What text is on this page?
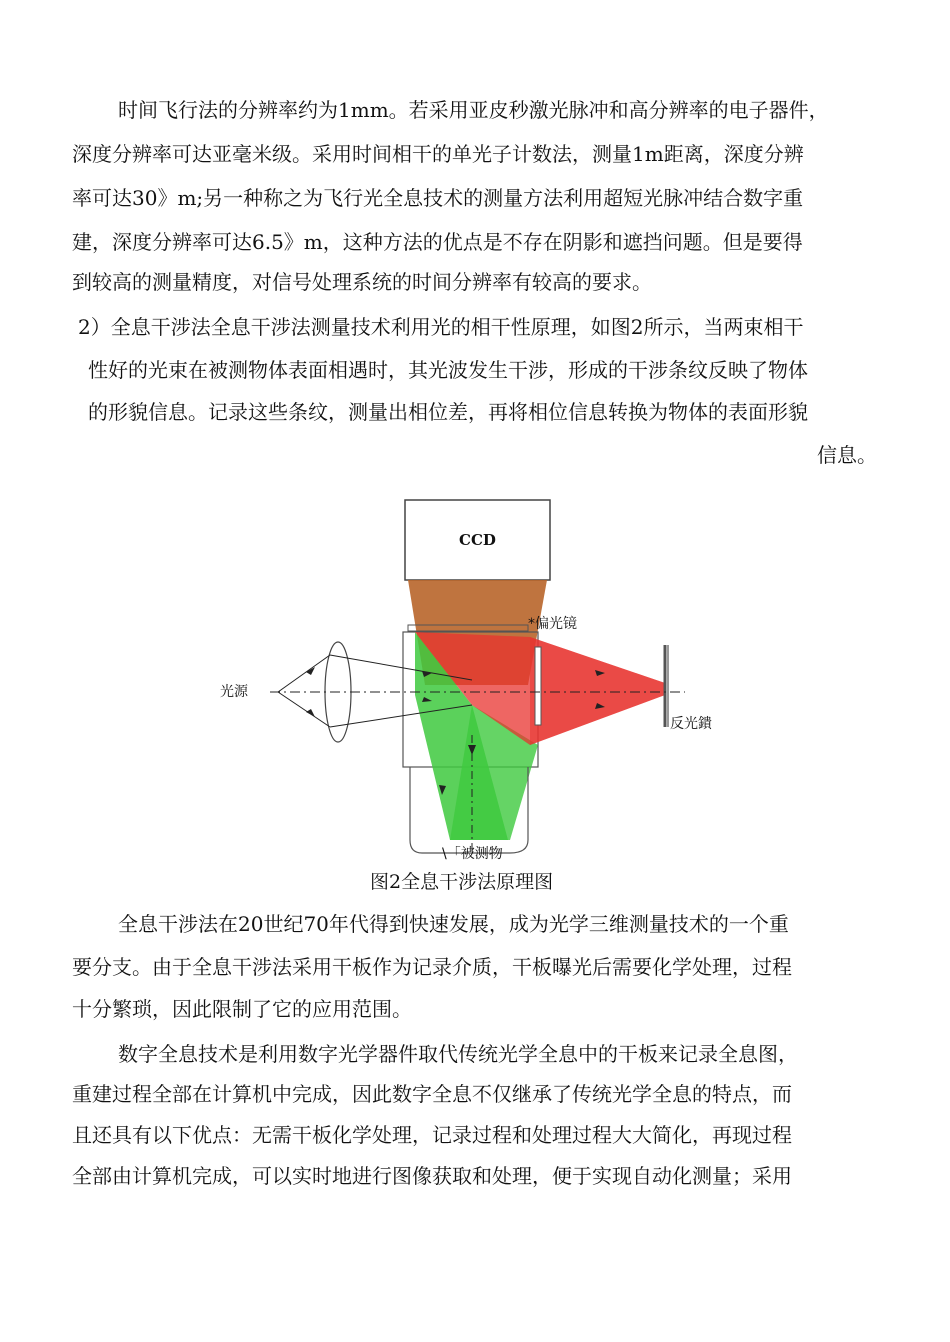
时间飞行法的分辨率约为1mm。若采用亚皮秒激光脉冲和高分辨率的电子器件，
深度分辨率可达亚毫米级。采用时间相干的单光子计数法，测量1m距离，深度分辨
率可达30》m;另一种称之为飞行光全息技术的测量方法利用超短光脉冲结合数字重
建，深度分辨率可达6.5》m，这种方法的优点是不存在阴影和遮挡问题。但是要得
到较高的测量精度，对信号处理系统的时间分辨率有较高的要求。
2）全息干涉法全息干涉法测量技术利用光的相干性原理，如图2所示，当两束相干
性好的光束在被测物体表面相遇时，其光波发生干涉，形成的干涉条纹反映了物体
的形貌信息。记录这些条纹，测量出相位差，再将相位信息转换为物体的表面形貌
信息。
CCD
*偏光镜
光源
反光鐀
\「被测物
图2全息干涉法原理图
全息干涉法在20世纪70年代得到快速发展，成为光学三维测量技术的一个重
要分支。由于全息干涉法采用干板作为记录介质，干板曝光后需要化学处理，过程
十分繁琐，因此限制了它的应用范围。
数字全息技术是利用数字光学器件取代传统光学全息中的干板来记录全息图，
重建过程全部在计算机中完成，因此数字全息不仅继承了传统光学全息的特点，而
且还具有以下优点：无需干板化学处理，记录过程和处理过程大大简化，再现过程
全部由计算机完成，可以实时地进行图像获取和处理，便于实现自动化测量；采用
